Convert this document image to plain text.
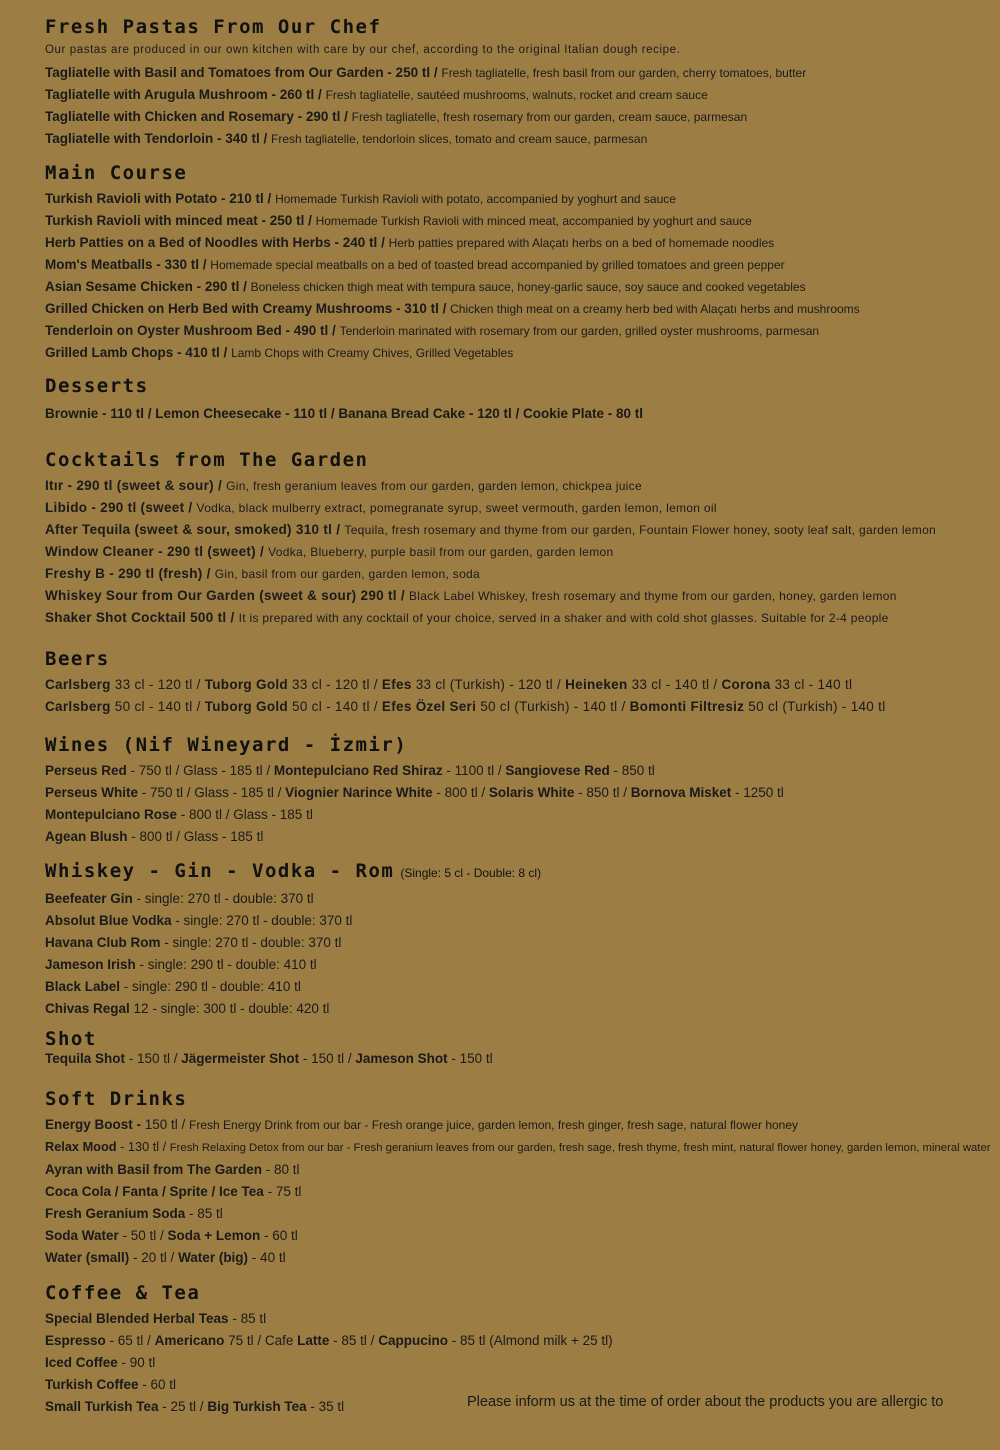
Fresh Pastas From Our Chef
Our pastas are produced in our own kitchen with care by our chef, according to the original Italian dough recipe.
Tagliatelle with Basil and Tomatoes from Our Garden - 250 tl / Fresh tagliatelle, fresh basil from our garden, cherry tomatoes, butter
Tagliatelle with Arugula Mushroom - 260 tl / Fresh tagliatelle, sautéed mushrooms, walnuts, rocket and cream sauce
Tagliatelle with Chicken and Rosemary - 290 tl / Fresh tagliatelle, fresh rosemary from our garden, cream sauce, parmesan
Tagliatelle with Tendorloin - 340 tl / Fresh tagliatelle, tendorloin slices, tomato and cream sauce, parmesan
Main Course
Turkish Ravioli with Potato - 210 tl / Homemade Turkish Ravioli with potato, accompanied by yoghurt and sauce
Turkish Ravioli with minced meat - 250 tl / Homemade Turkish Ravioli with minced meat, accompanied by yoghurt and sauce
Herb Patties on a Bed of Noodles with Herbs - 240 tl / Herb patties prepared with Alaçatı herbs on a bed of homemade noodles
Mom's Meatballs - 330 tl / Homemade special meatballs on a bed of toasted bread accompanied by grilled tomatoes and green pepper
Asian Sesame Chicken - 290 tl / Boneless chicken thigh meat with tempura sauce, honey-garlic sauce, soy sauce and cooked vegetables
Grilled Chicken on Herb Bed with Creamy Mushrooms - 310 tl / Chicken thigh meat on a creamy herb bed with Alaçatı herbs and mushrooms
Tenderloin on Oyster Mushroom Bed - 490 tl / Tenderloin marinated with rosemary from our garden, grilled oyster mushrooms, parmesan
Grilled Lamb Chops - 410 tl / Lamb Chops with Creamy Chives, Grilled Vegetables
Desserts
Brownie - 110 tl / Lemon Cheesecake - 110 tl / Banana Bread Cake - 120 tl / Cookie Plate - 80 tl
Cocktails from The Garden
Itır - 290 tl (sweet & sour) / Gin, fresh geranium leaves from our garden, garden lemon, chickpea juice
Libido - 290 tl (sweet / Vodka, black mulberry extract, pomegranate syrup, sweet vermouth, garden lemon, lemon oil
After Tequila (sweet & sour, smoked) 310 tl / Tequila, fresh rosemary and thyme from our garden, Fountain Flower honey, sooty leaf salt, garden lemon
Window Cleaner - 290 tl (sweet) / Vodka, Blueberry, purple basil from our garden, garden lemon
Freshy B - 290 tl (fresh) / Gin, basil from our garden, garden lemon, soda
Whiskey Sour from Our Garden (sweet & sour) 290 tl / Black Label Whiskey, fresh rosemary and thyme from our garden, honey, garden lemon
Shaker Shot Cocktail 500 tl / It is prepared with any cocktail of your choice, served in a shaker and with cold shot glasses. Suitable for 2-4 people
Beers
Carlsberg 33 cl - 120 tl / Tuborg Gold 33 cl - 120 tl / Efes 33 cl (Turkish) - 120 tl / Heineken 33 cl - 140 tl / Corona 33 cl - 140 tl
Carlsberg 50 cl - 140 tl / Tuborg Gold 50 cl - 140 tl / Efes Özel Seri 50 cl (Turkish) - 140 tl / Bomonti Filtresiz 50 cl (Turkish) - 140 tl
Wines (Nif Wineyard - İzmir)
Perseus Red - 750 tl / Glass - 185 tl / Montepulciano Red Shiraz - 1100 tl / Sangiovese Red - 850 tl
Perseus White - 750 tl / Glass - 185 tl / Viognier Narince White - 800 tl / Solaris White - 850 tl / Bornova Misket - 1250 tl
Montepulciano Rose - 800 tl / Glass - 185 tl
Agean Blush - 800 tl / Glass - 185 tl
Whiskey - Gin - Vodka - Rom (Single: 5 cl - Double: 8 cl)
Beefeater Gin - single: 270 tl - double: 370 tl
Absolut Blue Vodka - single: 270 tl - double: 370 tl
Havana Club Rom - single: 270 tl - double: 370 tl
Jameson Irish - single: 290 tl - double: 410 tl
Black Label - single: 290 tl - double: 410 tl
Chivas Regal 12 - single: 300 tl - double: 420 tl
Shot
Tequila Shot - 150 tl / Jägermeister Shot - 150 tl / Jameson Shot - 150 tl
Soft Drinks
Energy Boost - 150 tl / Fresh Energy Drink from our bar - Fresh orange juice, garden lemon, fresh ginger, fresh sage, natural flower honey
Relax Mood - 130 tl / Fresh Relaxing Detox from our bar - Fresh geranium leaves from our garden, fresh sage, fresh thyme, fresh mint, natural flower honey, garden lemon, mineral water
Ayran with Basil from The Garden - 80 tl
Coca Cola / Fanta / Sprite / Ice Tea - 75 tl
Fresh Geranium Soda - 85 tl
Soda Water - 50 tl / Soda + Lemon - 60 tl
Water (small) - 20 tl / Water (big) - 40 tl
Coffee & Tea
Special Blended Herbal Teas - 85 tl
Espresso - 65 tl / Americano 75 tl / Cafe Latte - 85 tl / Cappucino - 85 tl (Almond milk + 25 tl)
Iced Coffee - 90 tl
Turkish Coffee - 60 tl
Small Turkish Tea - 25 tl / Big Turkish Tea - 35 tl	Please inform us at the time of order about the products you are allergic to
